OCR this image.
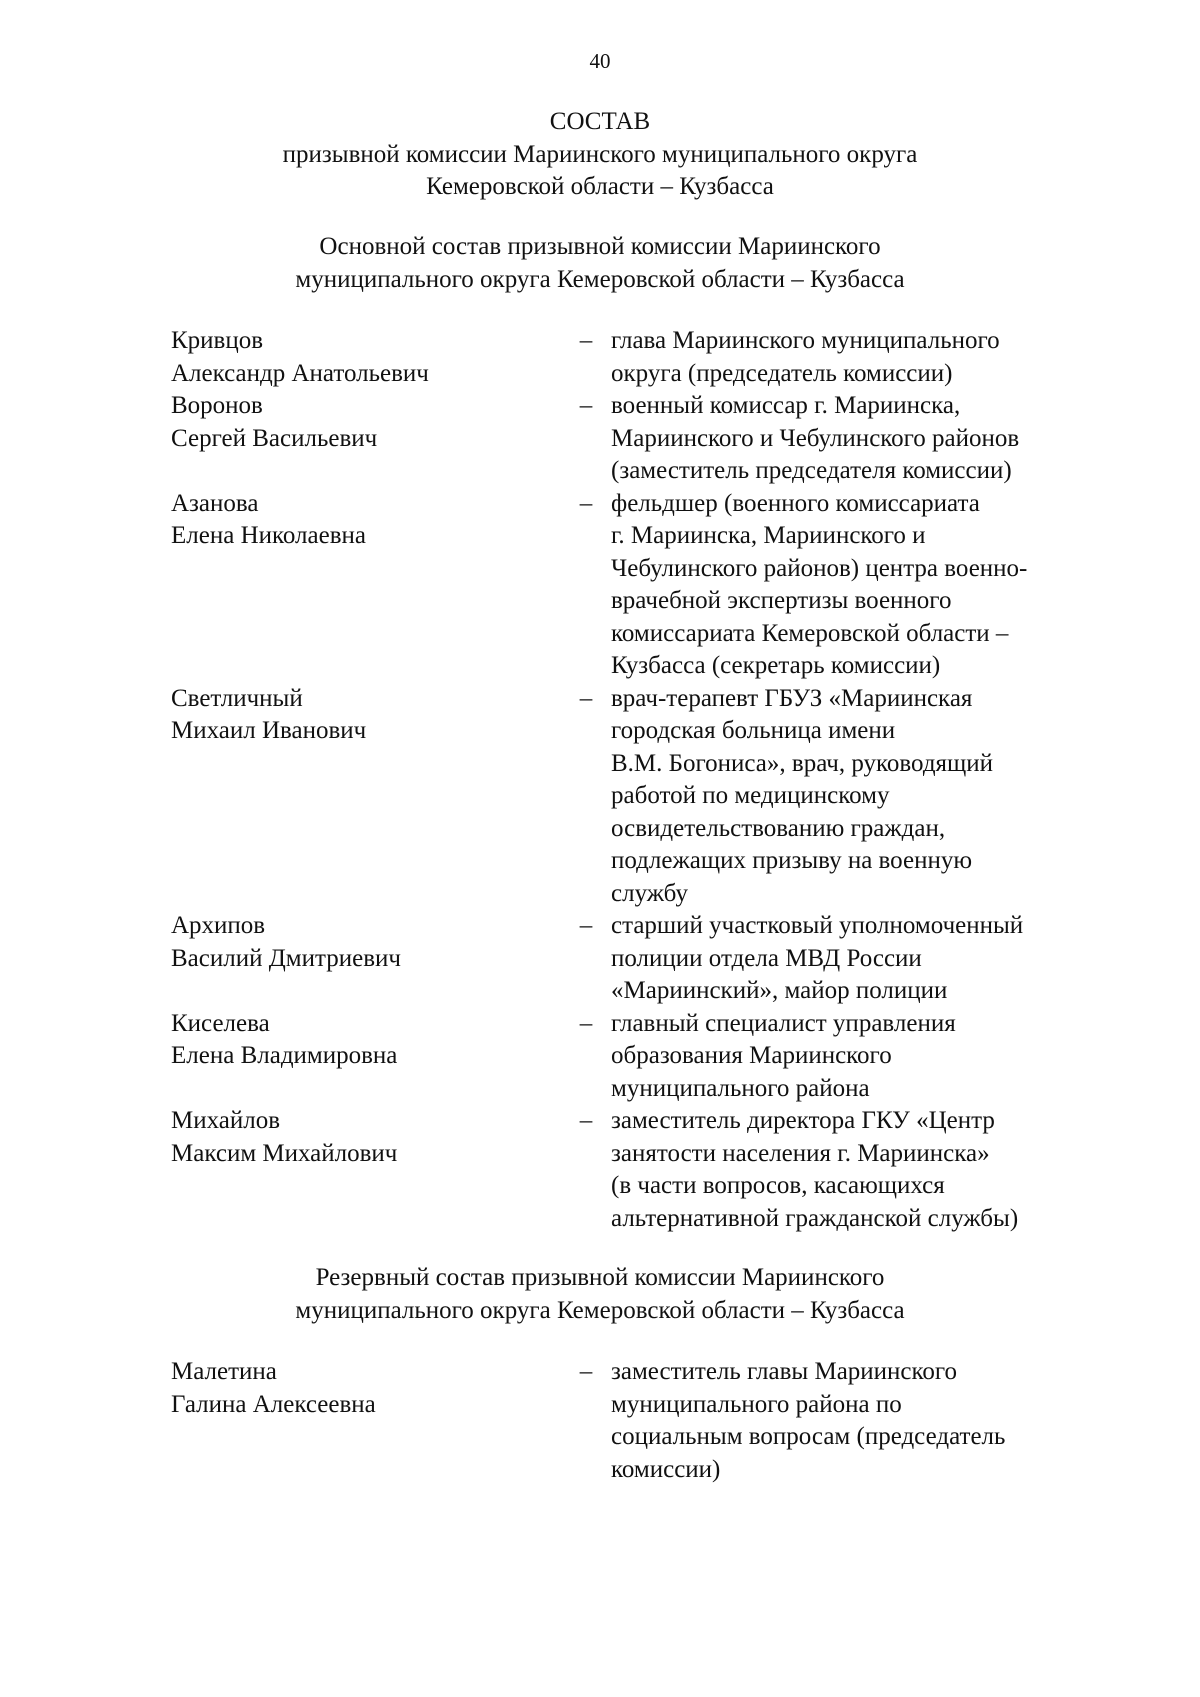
40
СОСТАВ
призывной комиссии Мариинского муниципального округа
Кемеровской области – Кузбасса
Основной состав призывной комиссии Мариинского
муниципального округа Кемеровской области – Кузбасса
Кривцов
Александр Анатольевич
– глава Мариинского муниципального
округа (председатель комиссии)
Воронов
Сергей Васильевич
– военный комиссар г. Мариинска,
Мариинского и Чебулинского районов
(заместитель председателя комиссии)
Азанова
Елена Николаевна
– фельдшер (военного комиссариата
г. Мариинска, Мариинского и
Чебулинского районов) центра военно-
врачебной экспертизы военного
комиссариата Кемеровской области –
Кузбасса (секретарь комиссии)
Светличный
Михаил Иванович
– врач-терапевт ГБУЗ «Мариинская
городская больница имени
В.М. Богониса», врач, руководящий
работой по медицинскому
освидетельствованию граждан,
подлежащих призыву на военную
службу
Архипов
Василий Дмитриевич
– старший участковый уполномоченный
полиции отдела МВД России
«Мариинский», майор полиции
Киселева
Елена Владимировна
– главный специалист управления
образования Мариинского
муниципального района
Михайлов
Максим Михайлович
– заместитель директора ГКУ «Центр
занятости населения г. Мариинска»
(в части вопросов, касающихся
альтернативной гражданской службы)
Резервный состав призывной комиссии Мариинского
муниципального округа Кемеровской области – Кузбасса
Малетина
Галина Алексеевна
– заместитель главы Мариинского
муниципального района по
социальным вопросам (председатель
комиссии)
